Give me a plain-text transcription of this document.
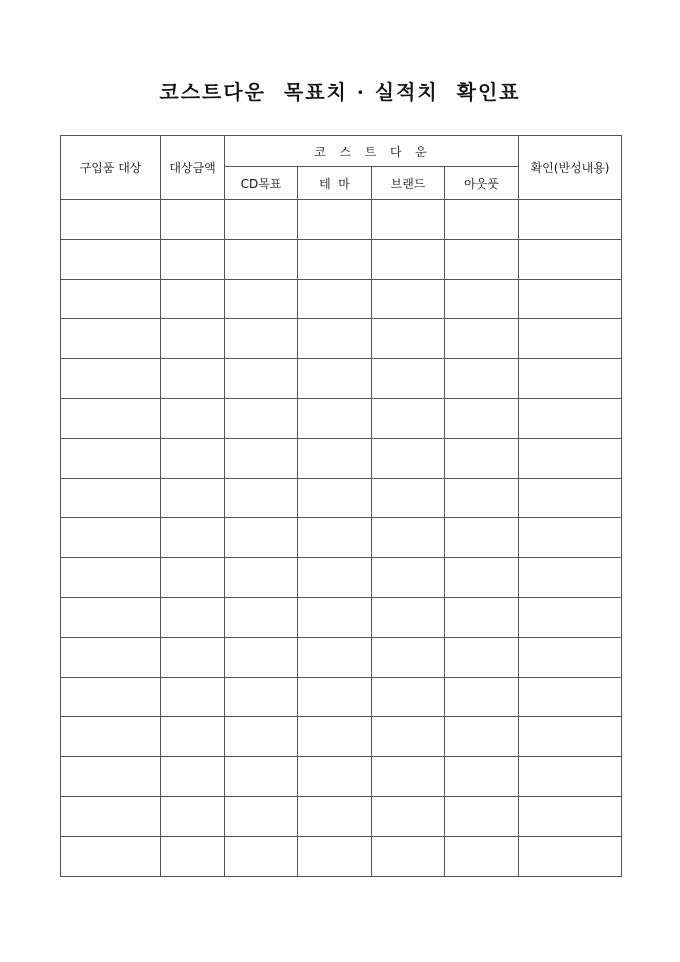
코스트다운  목표치 · 실적치  확인표
구입품 대상	대상금액	코  스  트  다  운				확인(반성내용)
		CD목표	테  마	브랜드	아웃풋	
